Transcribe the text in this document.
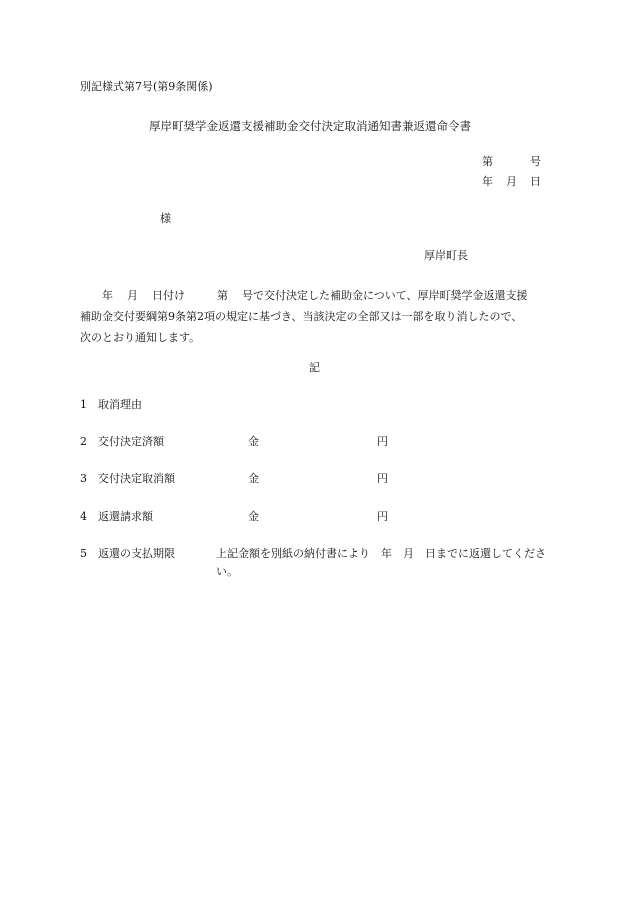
別記様式第7号(第9条関係)
厚岸町奨学金返還支援補助金交付決定取消通知書兼返還命令書
第	号
年 月 日
様
厚岸町長

年 月 日付け	第 号で交付決定した補助金について、厚岸町奨学金返還支援

補助金交付要綱第9条第2項の規定に基づき、当該決定の全部又は一部を取り消したので、

次のとおり通知します。

記
1 取消理由
2 交付決定済額	金	円
3 交付決定取消額	金	円
4 返還請求額	金	円
5 返還の支払期限	上記金額を別紙の納付書により　年　月　日までに返還してください。
